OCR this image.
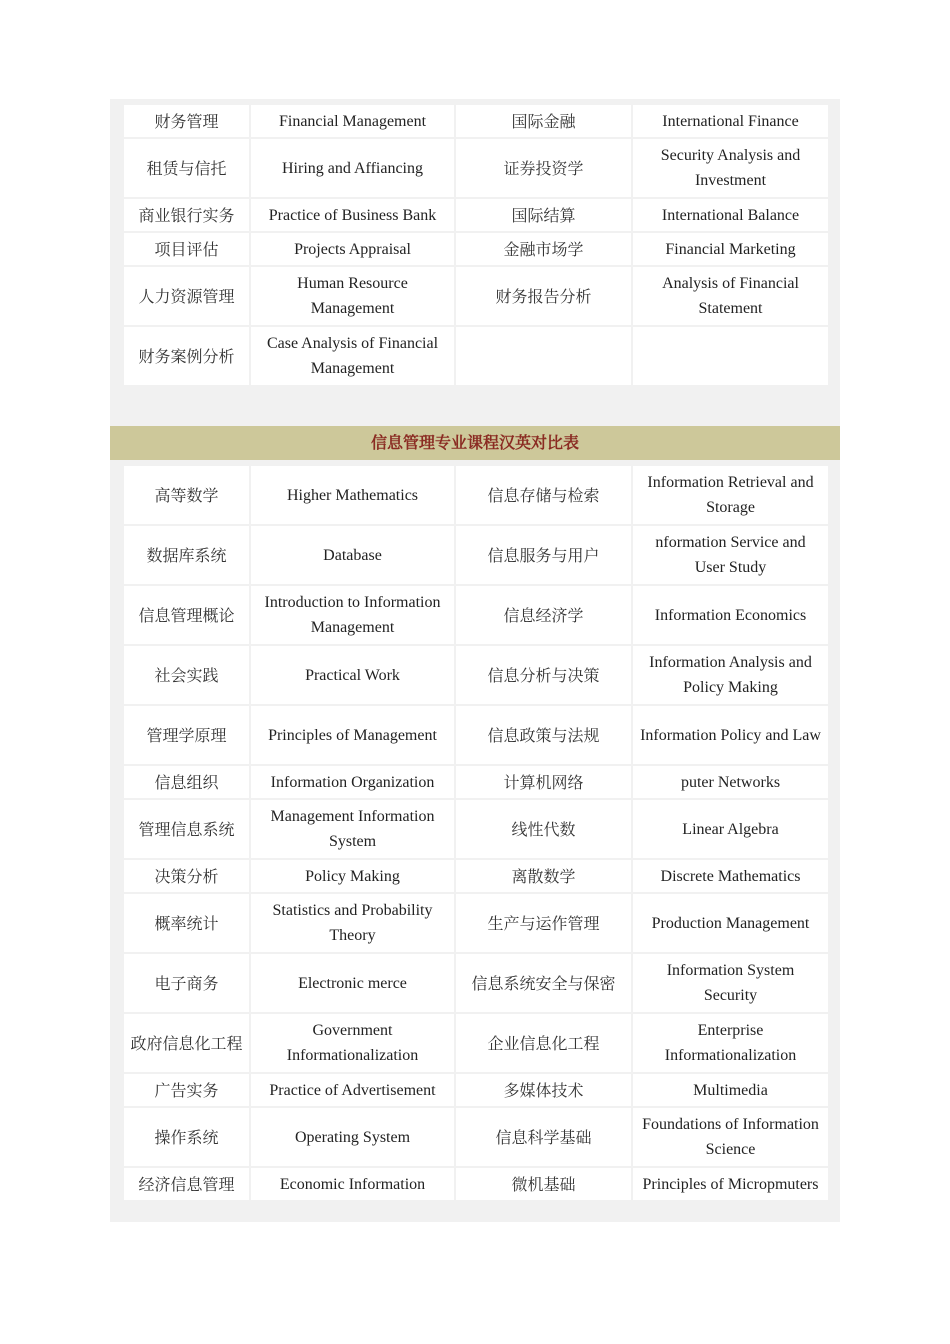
财务管理	Financial Management	国际金融	International Finance
租赁与信托	Hiring and Affiancing	证券投资学	Security Analysis and Investment
商业银行实务	Practice of Business Bank	国际结算	International Balance
项目评估	Projects Appraisal	金融市场学	Financial Marketing
人力资源管理	Human Resource Management	财务报告分析	Analysis of Financial Statement
财务案例分析	Case Analysis of Financial Management		
信息管理专业课程汉英对比表
高等数学	Higher Mathematics	信息存储与检索	Information Retrieval and Storage
数据库系统	Database	信息服务与用户	nformation Service and User Study
信息管理概论	Introduction to Information Management	信息经济学	Information Economics
社会实践	Practical Work	信息分析与决策	Information Analysis and Policy Making
管理学原理	Principles of Management	信息政策与法规	Information Policy and Law
信息组织	Information Organization	计算机网络	puter Networks
管理信息系统	Management Information System	线性代数	Linear Algebra
决策分析	Policy Making	离散数学	Discrete Mathematics
概率统计	Statistics and Probability Theory	生产与运作管理	Production Management
电子商务	Electronic merce	信息系统安全与保密	Information System Security
政府信息化工程	Government Informationalization	企业信息化工程	Enterprise Informationalization
广告实务	Practice of Advertisement	多媒体技术	Multimedia
操作系统	Operating System	信息科学基础	Foundations of Information Science
经济信息管理	Economic Information	微机基础	Principles of Micropmuters
